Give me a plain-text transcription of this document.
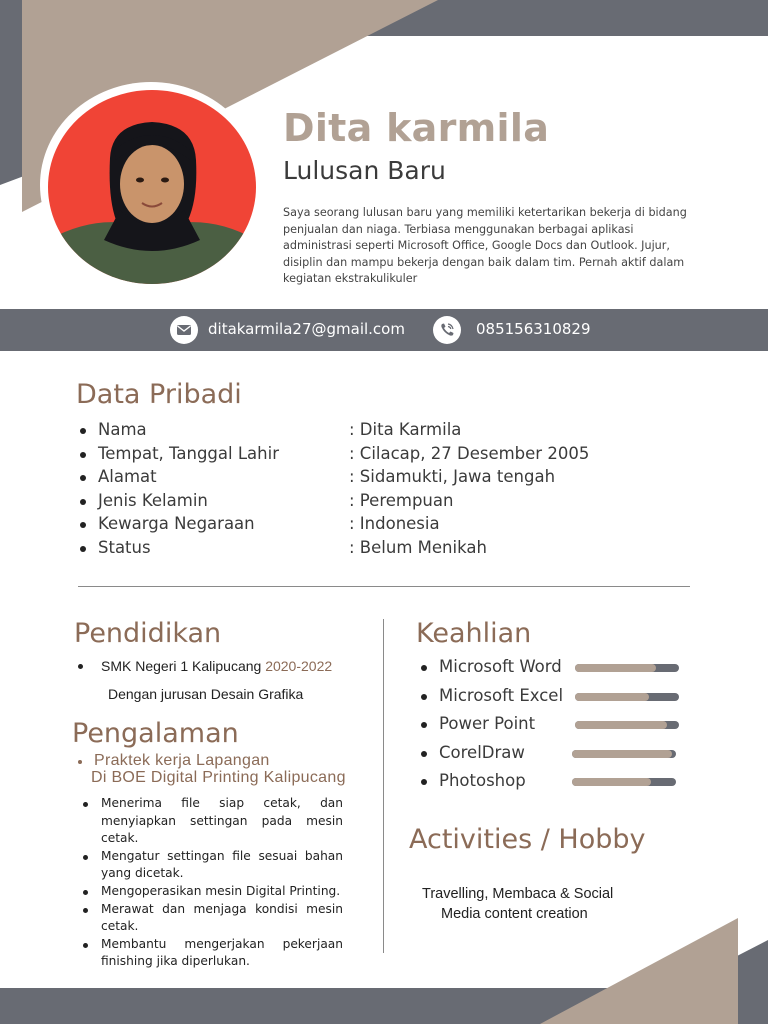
Dita karmila
Lulusan Baru
Saya seorang lulusan baru yang memiliki ketertarikan bekerja di bidang penjualan dan niaga. Terbiasa menggunakan berbagai aplikasi administrasi seperti Microsoft Office, Google Docs dan Outlook. Jujur, disiplin dan mampu bekerja dengan baik dalam tim. Pernah aktif dalam kegiatan ekstrakulikuler
ditakarmila27@gmail.com	085156310829
Data Pribadi
Nama	: Dita Karmila
Tempat, Tanggal Lahir	: Cilacap, 27 Desember 2005
Alamat	: Sidamukti, Jawa tengah
Jenis Kelamin	: Perempuan
Kewarga Negaraan	: Indonesia
Status	: Belum Menikah
Pendidikan
SMK Negeri 1 Kalipucang 2020-2022
Dengan jurusan Desain Grafika
Pengalaman
Praktek kerja Lapangan
Di BOE Digital Printing Kalipucang
Menerima file siap cetak, dan menyiapkan settingan pada mesin cetak.
Mengatur settingan file sesuai bahan yang dicetak.
Mengoperasikan mesin Digital Printing.
Merawat dan menjaga kondisi mesin cetak.
Membantu mengerjakan pekerjaan finishing jika diperlukan.
Keahlian
Microsoft Word
Microsoft Excel
Power Point
CorelDraw
Photoshop
Activities / Hobby
Travelling, Membaca & Social
Media content creation
